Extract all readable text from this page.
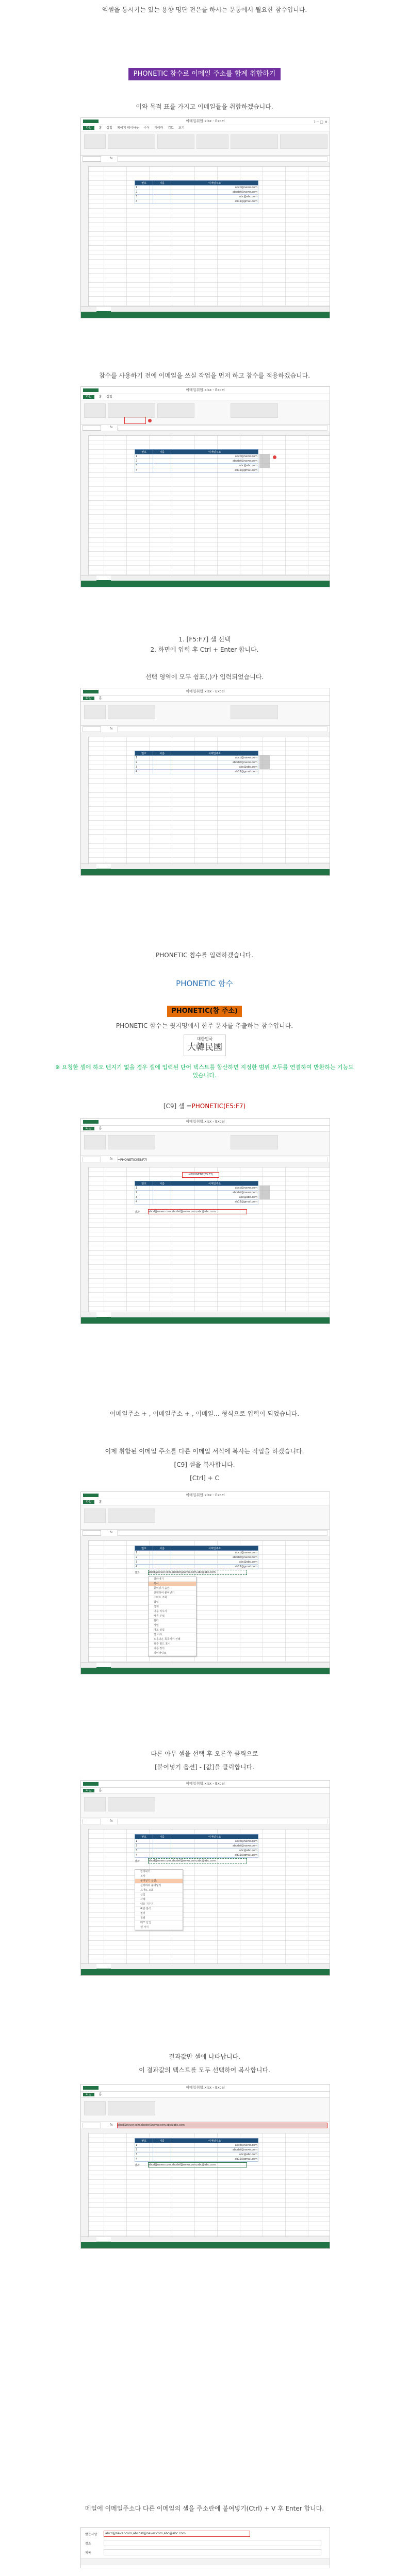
엑셀을 통시키는 있는 용향 명단 전은를 하시는 문통에서 될요한 참수입니다.
PHONETIC 참수로 이메일 주소를 합계 취합하기
이와 목적 표를 가지고 이메일들을 취합하겠습니다.
이메일취합.xlsx - Excel	? ─ □ ✕
파일 홈 삽입 페이지 레이아웃 수식 데이터 검토 보기
fx
번호	이름	이메일주소
1		abcd@naver.com
2		abcdef@naver.com
3		abc@abc.com
4		ab12@gmail.com
참수를 사용하기 전에 이메일을 쓰실 작업을 먼저 하고 참수를 적용하겠습니다.
이메일취합.xlsx - Excel
파일 홈 삽입
fx ,
번호	이름	이메일주소
1		abcd@naver.com
2		abcdef@naver.com
3		abc@abc.com
4		ab12@gmail.com
1. [F5:F7] 셀 선택
2. 화면에 입력 후 Ctrl + Enter 합니다.
선택 영역에 모두 쉼표(,)가 입력되었습니다.
이메일취합.xlsx - Excel
파일 홈
fx
번호	이름	이메일주소
1		abcd@naver.com
2		abcdef@naver.com
3		abc@abc.com
4		ab12@gmail.com
PHONETIC 참수를 입력하겠습니다.
PHONETIC 함수
PHONETIC(참 주소)
PHONETIC 함수는 윗지명에서 한주 문자를 추출하는 참수입니다.
대한민국
大韓民國
※ 요청한 셀에 하오 텐지기 없을 경우 셀에 입력된 단어 텍스트를 합산하면 지정한 범위 모두를 연결하여 반환하는 기능도
있습니다.
[C9] 셀 =PHONETIC(E5:F7)
이메일취합.xlsx - Excel
파일 홈
fx =PHONETIC(E5:F7)
=PHONETIC(E5:F7)
번호	이름	이메일주소
1		abcd@naver.com
2		abcdef@naver.com
3		abc@abc.com
4		ab12@gmail.com
결과	abcd@naver.com,abcdef@naver.com,abc@abc.com
이메일주소 + , 이메일주소 + , 이메일... 형식으로 입력이 되었습니다.
이제 취합된 이메일 주소를 다른 이메일 서식에 복사는 작업을 하겠습니다.
[C9] 셀을 복사합니다.
[Ctrl] + C
이메일취합.xlsx - Excel
파일 홈
fx
번호	이름	이메일주소
1		abcd@naver.com
2		abcdef@naver.com
3		abc@abc.com
4		ab12@gmail.com
결과	abcd@naver.com,abcdef@naver.com,abc@abc.com
잘라내기
복사
붙여넣기 옵션:
선택하여 붙여넣기
스마트 조회
삽입
삭제
내용 지우기
빠른 분석
필터
정렬
메모 삽입
셀 서식
드롭다운 목록에서 선택
윗주 필드 표시
이름 정의
하이퍼링크
다른 아무 셀을 선택 후 오른쪽 클릭으로
[붙여넣기 옵션] - [값]을 클릭합니다.
이메일취합.xlsx - Excel
파일 홈
fx
번호	이름	이메일주소
1		abcd@naver.com
2		abcdef@naver.com
3		abc@abc.com
4		ab12@gmail.com
결과	abcd@naver.com,abcdef@naver.com,abc@abc.com
잘라내기
복사
붙여넣기 옵션:
선택하여 붙여넣기
스마트 조회
삽입
삭제
내용 지우기
빠른 분석
필터
정렬
메모 삽입
셀 서식
결과값만 셀에 나타납니다.
이 결과값의 텍스트를 모두 선택하여 복사합니다.
이메일취합.xlsx - Excel
파일 홈
fx abcd@naver.com,abcdef@naver.com,abc@abc.com
번호	이름	이메일주소
1		abcd@naver.com
2		abcdef@naver.com
3		abc@abc.com
4		ab12@gmail.com
결과	abcd@naver.com,abcdef@naver.com,abc@abc.com
메일에 이메일주소다 다른 이메일의 셀을 주소란에 붙여넣기(Ctrl) + V 후 Enter 합니다.
받는사람	abcd@naver.com,abcdef@naver.com,abc@abc.com
참조
제목
